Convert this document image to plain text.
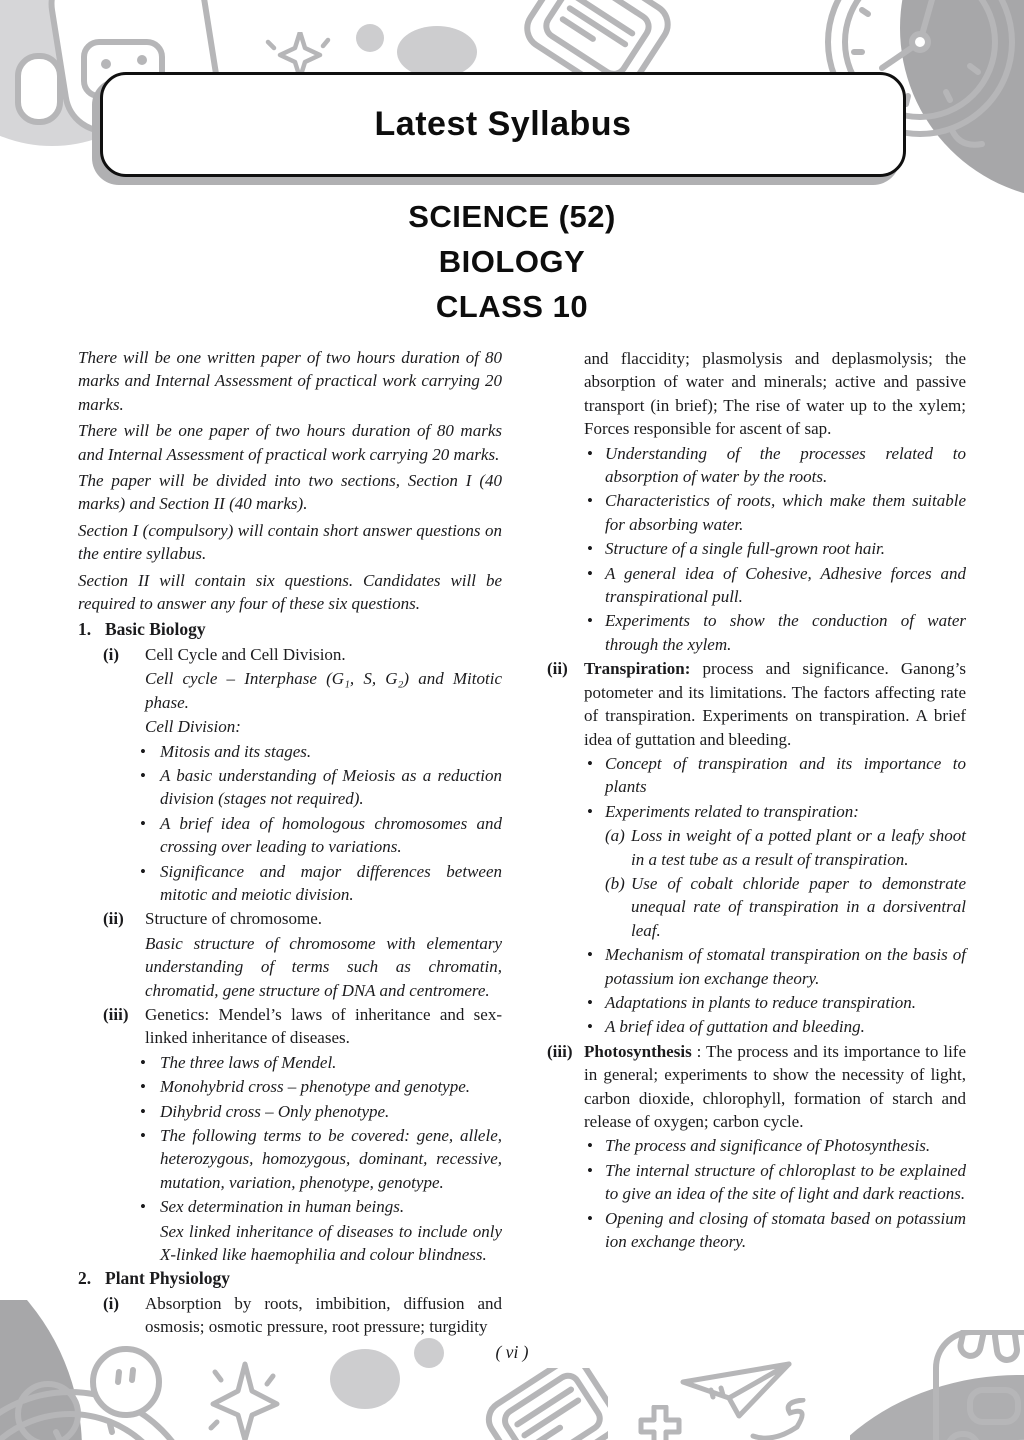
Latest Syllabus
SCIENCE (52)
BIOLOGY
CLASS 10

There will be one written paper of two hours duration of 80 marks and Internal Assessment of practical work carrying 20 marks.

There will be one paper of two hours duration of 80 marks and Internal Assessment of practical work carrying 20 marks.

The paper will be divided into two sections, Section I (40 marks) and Section II (40 marks).

Section I (compulsory) will contain short answer questions on the entire syllabus.

Section II will contain six questions. Candidates will be required to answer any four of these six questions.

1. Basic Biology
(i)	Cell Cycle and Cell Division.
Cell cycle – Interphase (G₁, S, G₂) and Mitotic phase.
Cell Division:
• Mitosis and its stages.
• A basic understanding of Meiosis as a reduction division (stages not required).
• A brief idea of homologous chromosomes and crossing over leading to variations.
• Significance and major differences between mitotic and meiotic division.
(ii)	Structure of chromosome.
Basic structure of chromosome with elementary understanding of terms such as chromatin, chromatid, gene structure of DNA and centromere.
(iii) Genetics: Mendel’s laws of inheritance and sex-linked inheritance of diseases.
• The three laws of Mendel.
• Monohybrid cross – phenotype and genotype.
• Dihybrid cross – Only phenotype.
• The following terms to be covered: gene, allele, heterozygous, homozygous, dominant, recessive, mutation, variation, phenotype, genotype.
• Sex determination in human beings.
Sex linked inheritance of diseases to include only X-linked like haemophilia and colour blindness.
2. Plant Physiology
(i)	Absorption by roots, imbibition, diffusion and osmosis; osmotic pressure, root pressure; turgidity
and flaccidity; plasmolysis and deplasmolysis; the absorption of water and minerals; active and passive transport (in brief); The rise of water up to the xylem; Forces responsible for ascent of sap.
• Understanding of the processes related to absorption of water by the roots.
• Characteristics of roots, which make them suitable for absorbing water.
• Structure of a single full-grown root hair.
• A general idea of Cohesive, Adhesive forces and transpirational pull.
• Experiments to show the conduction of water through the xylem.
(ii) Transpiration: process and significance. Ganong’s potometer and its limitations. The factors affecting rate of transpiration. Experiments on transpiration. A brief idea of guttation and bleeding.
• Concept of transpiration and its importance to plants
• Experiments related to transpiration:
(a) Loss in weight of a potted plant or a leafy shoot in a test tube as a result of transpiration.
(b) Use of cobalt chloride paper to demonstrate unequal rate of transpiration in a dorsiventral leaf.
• Mechanism of stomatal transpiration on the basis of potassium ion exchange theory.
• Adaptations in plants to reduce transpiration.
• A brief idea of guttation and bleeding.
(iii) Photosynthesis : The process and its importance to life in general; experiments to show the necessity of light, carbon dioxide, chlorophyll, formation of starch and release of oxygen; carbon cycle.
• The process and significance of Photosynthesis.
• The internal structure of chloroplast to be explained to give an idea of the site of light and dark reactions.
• Opening and closing of stomata based on potassium ion exchange theory.
( vi )
